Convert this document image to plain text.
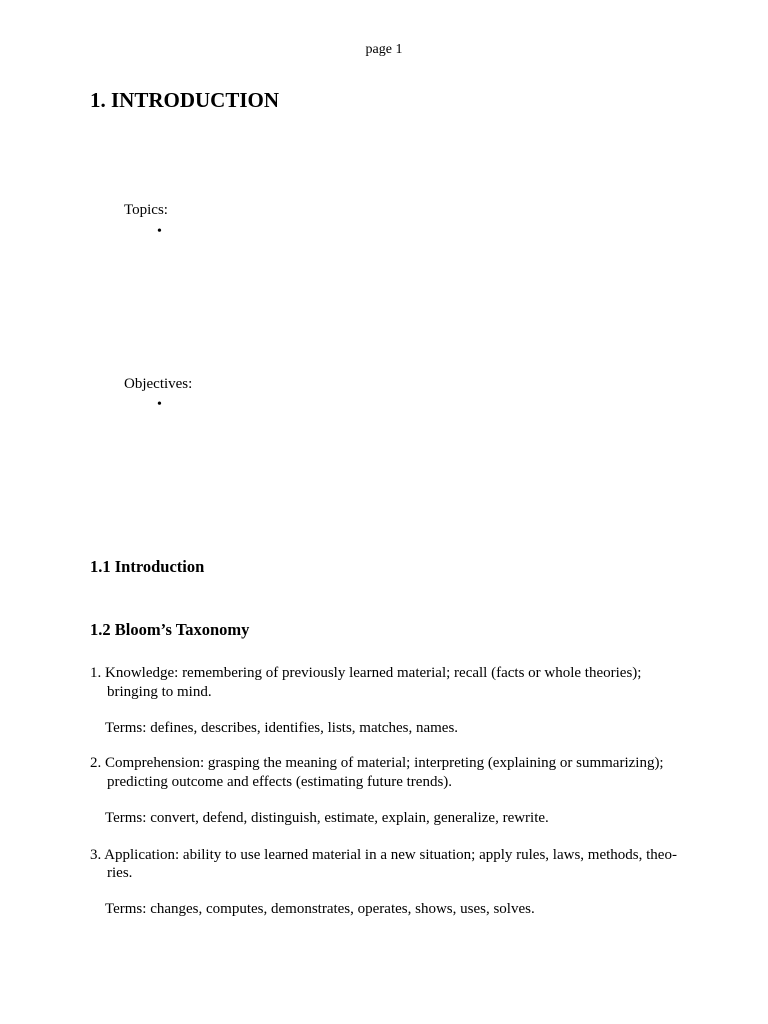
page 1
1. INTRODUCTION
Topics:
•
Objectives:
•
1.1 Introduction
1.2 Bloom’s Taxonomy
1. Knowledge: remembering of previously learned material; recall (facts or whole theories);
bringing to mind.
Terms: defines, describes, identifies, lists, matches, names.
2. Comprehension: grasping the meaning of material; interpreting (explaining or summarizing);
predicting outcome and effects (estimating future trends).
Terms: convert, defend, distinguish, estimate, explain, generalize, rewrite.
3. Application: ability to use learned material in a new situation; apply rules, laws, methods, theo-
ries.
Terms: changes, computes, demonstrates, operates, shows, uses, solves.
